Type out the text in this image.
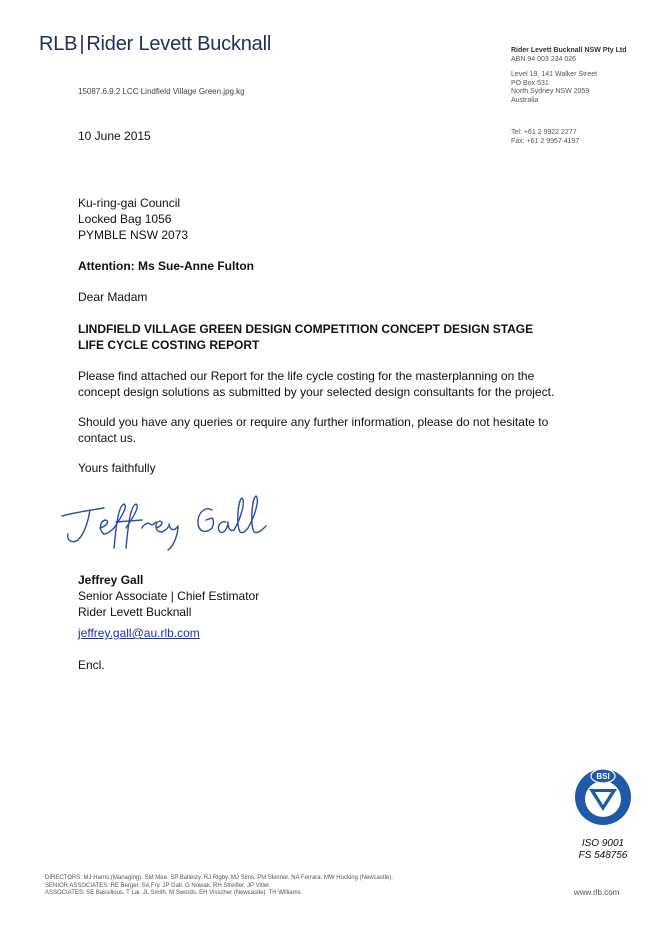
RLB | Rider Levett Bucknall	Rider Levett Bucknall NSW Pty Ltd
ABN 94 003 234 026
Level 19, 141 Walker Street
PO Box 531
North Sydney NSW 2059
Australia
Tel: +61 2 9922 2277
Fax: +61 2 9957 4197
15087.6.9.2 LCC Lindfield Village Green.jpg.kg
10 June 2015
Ku-ring-gai Council
Locked Bag 1056
PYMBLE NSW 2073
Attention: Ms Sue-Anne Fulton
Dear Madam
LINDFIELD VILLAGE GREEN DESIGN COMPETITION CONCEPT DESIGN STAGE
LIFE CYCLE COSTING REPORT
Please find attached our Report for the life cycle costing for the masterplanning on the concept design solutions as submitted by your selected design consultants for the project.
Should you have any queries or require any further information, please do not hesitate to contact us.
Yours faithfully
Jeffrey Gall
Senior Associate | Chief Estimator
Rider Levett Bucknall
jeffrey.gall@au.rlb.com
Encl.
BSI
ISO 9001
FS 548756
DIRECTORS: MJ Harris (Managing). SM Mee. SP Ballesty. RJ Rigby. MJ Sims. PM Skinner. NA Ferrara. MW Hocking (Newcastle).
SENIOR ASSOCIATES: RE Berger. SA Fry. JP Gall. G Nowak. RH Streifler. JP Vitler.
ASSOCIATES: SE Bassilious. T Lai. JL Smith. M Swords. EH Visscher (Newcastle). TH Williams.	www.rlb.com
